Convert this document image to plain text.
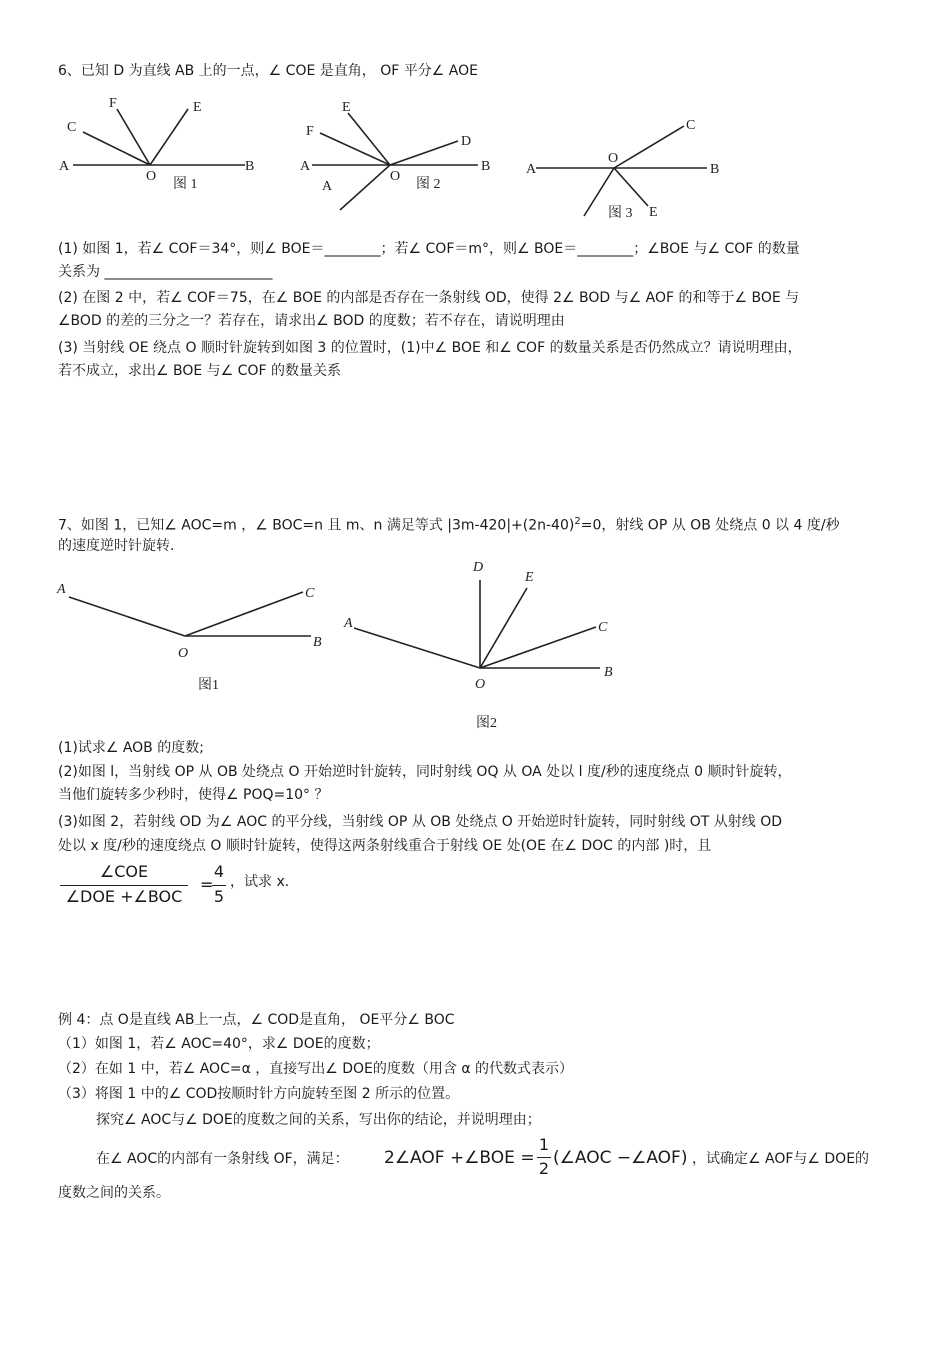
6、已知 D 为直线 AB 上的一点，∠ COE 是直角， OF 平分∠ AOE
C
F	E
A
O
B
图 1
E
F
D
A
A
O
B
图 2
C
A
O
B
图 3 E
(1) 如图 1，若∠ COF＝34°，则∠ BOE＝________；若∠ COF＝m°，则∠ BOE＝________；∠BOE 与∠ COF 的数量
关系为 ________________________
(2) 在图 2 中，若∠ COF＝75，在∠ BOE 的内部是否存在一条射线 OD，使得 2∠ BOD 与∠ AOF 的和等于∠ BOE 与
∠BOD 的差的三分之一？若存在，请求出∠ BOD 的度数；若不存在，请说明理由
(3) 当射线 OE 绕点 O 顺时针旋转到如图 3 的位置时，(1)中∠ BOE 和∠ COF 的数量关系是否仍然成立？请说明理由，
若不成立，求出∠ BOE 与∠ COF 的数量关系
7、如图 1，已知∠ AOC=m ，∠ BOC=n 且 m、n 满足等式 $|3m-420|+(2n-40)^2=0$，射线 OP 从 OB 处绕点 0 以 4 度/秒
的速度逆时针旋转.
A	C
O
B
图1
D
E
A	C
O
B
图2
(1)试求∠ AOB 的度数;
(2)如图 l，当射线 OP 从 OB 处绕点 O 开始逆时针旋转，同时射线 OQ 从 OA 处以 l 度/秒的速度绕点 0 顺时针旋转，
当他们旋转多少秒时，使得∠ POQ=10° ？
(3)如图 2，若射线 OD 为∠ AOC 的平分线，当射线 OP 从 OB 处绕点 O 开始逆时针旋转，同时射线 OT 从射线 OD
处以 x 度/秒的速度绕点 O 顺时针旋转，使得这两条射线重合于射线 OE 处(OE 在∠ DOC 的内部 )时，且
∠COE
∠DOE +∠BOC
=
4
5
，试求 x.
例 4：点 O是直线 AB上一点，∠ COD是直角， OE平分∠ BOC
（1）如图 1，若∠ AOC=40°，求∠ DOE的度数；
（2）在如 1 中，若∠ AOC=α ，直接写出∠ DOE的度数（用含 α 的代数式表示）
（3）将图 1 中的∠ COD按顺时针方向旋转至图 2 所示的位置。
探究∠ AOC与∠ DOE的度数之间的关系，写出你的结论，并说明理由；
在∠ AOC的内部有一条射线 OF，满足： 2∠AOF +∠BOE =
1
2
(∠AOC −∠AOF) ，试确定∠ AOF与∠ DOE的
度数之间的关系。
